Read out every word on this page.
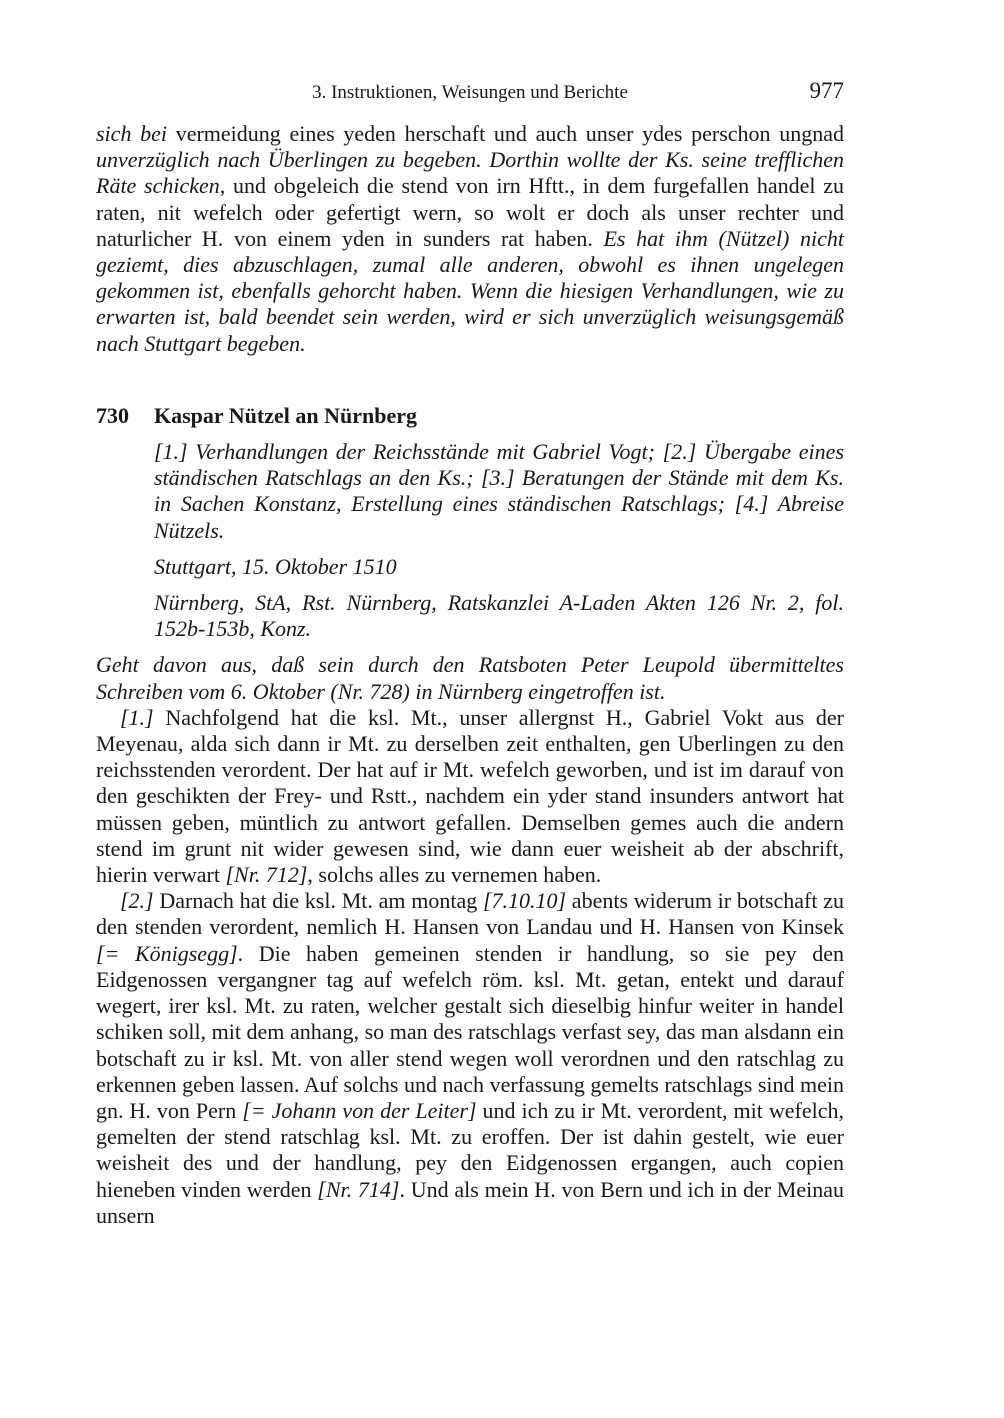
3. Instruktionen, Weisungen und Berichte	977

sich bei vermeidung eines yeden herschaft und auch unser ydes perschon ungnad unverzüglich nach Überlingen zu begeben. Dorthin wollte der Ks. seine trefflichen Räte schicken, und obgeleich die stend von irn Hftt., in dem furgefallen handel zu raten, nit wefelch oder gefertigt wern, so wolt er doch als unser rechter und naturlicher H. von einem yden in sunders rat haben. Es hat ihm (Nützel) nicht geziemt, dies abzuschlagen, zumal alle anderen, obwohl es ihnen ungelegen gekommen ist, ebenfalls gehorcht haben. Wenn die hiesigen Verhandlungen, wie zu erwarten ist, bald beendet sein werden, wird er sich unverzüglich weisungsgemäß nach Stuttgart begeben.

730 Kaspar Nützel an Nürnberg

[1.] Verhandlungen der Reichsstände mit Gabriel Vogt; [2.] Übergabe eines ständischen Ratschlags an den Ks.; [3.] Beratungen der Stände mit dem Ks. in Sachen Konstanz, Erstellung eines ständischen Ratschlags; [4.] Abreise Nützels.

Stuttgart, 15. Oktober 1510

Nürnberg, StA, Rst. Nürnberg, Ratskanzlei A-Laden Akten 126 Nr. 2, fol. 152b-153b, Konz.

Geht davon aus, daß sein durch den Ratsboten Peter Leupold übermitteltes Schreiben vom 6. Oktober (Nr. 728) in Nürnberg eingetroffen ist.

[1.] Nachfolgend hat die ksl. Mt., unser allergnst H., Gabriel Vokt aus der Meyenau, alda sich dann ir Mt. zu derselben zeit enthalten, gen Uberlingen zu den reichsstenden verordent. Der hat auf ir Mt. wefelch geworben, und ist im darauf von den geschikten der Frey- und Rstt., nachdem ein yder stand insunders antwort hat müssen geben, müntlich zu antwort gefallen. Demselben gemes auch die andern stend im grunt nit wider gewesen sind, wie dann euer weisheit ab der abschrift, hierin verwart [Nr. 712], solchs alles zu vernemen haben.

[2.] Darnach hat die ksl. Mt. am montag [7.10.10] abents widerum ir botschaft zu den stenden verordent, nemlich H. Hansen von Landau und H. Hansen von Kinsek [= Königsegg]. Die haben gemeinen stenden ir handlung, so sie pey den Eidgenossen vergangner tag auf wefelch röm. ksl. Mt. getan, entekt und darauf wegert, irer ksl. Mt. zu raten, welcher gestalt sich dieselbig hinfur weiter in handel schiken soll, mit dem anhang, so man des ratschlags verfast sey, das man alsdann ein botschaft zu ir ksl. Mt. von aller stend wegen woll verordnen und den ratschlag zu erkennen geben lassen. Auf solchs und nach verfassung gemelts ratschlags sind mein gn. H. von Pern [= Johann von der Leiter] und ich zu ir Mt. verordent, mit wefelch, gemelten der stend ratschlag ksl. Mt. zu eroffen. Der ist dahin gestelt, wie euer weisheit des und der handlung, pey den Eidgenossen ergangen, auch copien hieneben vinden werden [Nr. 714]. Und als mein H. von Bern und ich in der Meinau unsern
